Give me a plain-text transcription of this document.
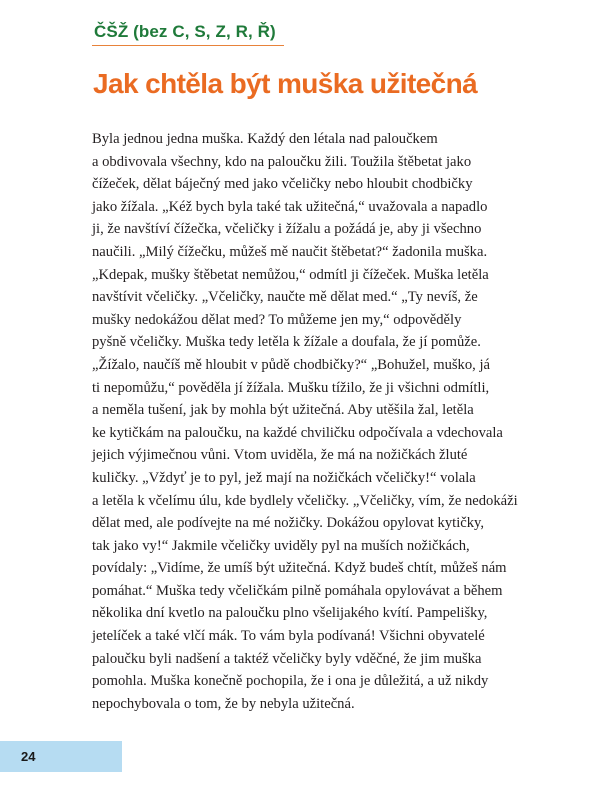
ČŠŽ (bez C, S, Z, R, Ř)
Jak chtěla být muška užitečná
Byla jednou jedna muška. Každý den létala nad paloučkem
a obdivovala všechny, kdo na paloučku žili. Toužila štěbetat jako
čížeček, dělat báječný med jako včeličky nebo hloubit chodbičky
jako žížala. „Kéž bych byla také tak užitečná,“ uvažovala a napadlo
ji, že navštíví čížečka, včeličky i žížalu a požádá je, aby ji všechno
naučili. „Milý čížečku, můžeš mě naučit štěbetat?“ žadonila muška.
„Kdepak, mušky štěbetat nemůžou,“ odmítl ji čížeček. Muška letěla
navštívit včeličky. „Včeličky, naučte mě dělat med.“ „Ty nevíš, že
mušky nedokážou dělat med? To můžeme jen my,“ odpověděly
pyšně včeličky. Muška tedy letěla k žížale a doufala, že jí pomůže.
„Žížalo, naučíš mě hloubit v půdě chodbičky?“ „Bohužel, muško, já
ti nepomůžu,“ pověděla jí žížala. Mušku tížilo, že ji všichni odmítli,
a neměla tušení, jak by mohla být užitečná. Aby utěšila žal, letěla
ke kytičkám na paloučku, na každé chviličku odpočívala a vdechovala
jejich výjimečnou vůni. Vtom uviděla, že má na nožičkách žluté
kuličky. „Vždyť je to pyl, jež mají na nožičkách včeličky!“ volala
a letěla k včelímu úlu, kde bydlely včeličky. „Včeličky, vím, že nedokáži
dělat med, ale podívejte na mé nožičky. Dokážou opylovat kytičky,
tak jako vy!“ Jakmile včeličky uviděly pyl na muších nožičkách,
povídaly: „Vidíme, že umíš být užitečná. Když budeš chtít, můžeš nám
pomáhat.“ Muška tedy včeličkám pilně pomáhala opylovávat a během
několika dní kvetlo na paloučku plno všelijakého kvítí. Pampelišky,
jetelíček a také vlčí mák. To vám byla podívaná! Všichni obyvatelé
paloučku byli nadšení a taktéž včeličky byly vděčné, že jim muška
pomohla. Muška konečně pochopila, že i ona je důležitá, a už nikdy
nepochybovala o tom, že by nebyla užitečná.
24
